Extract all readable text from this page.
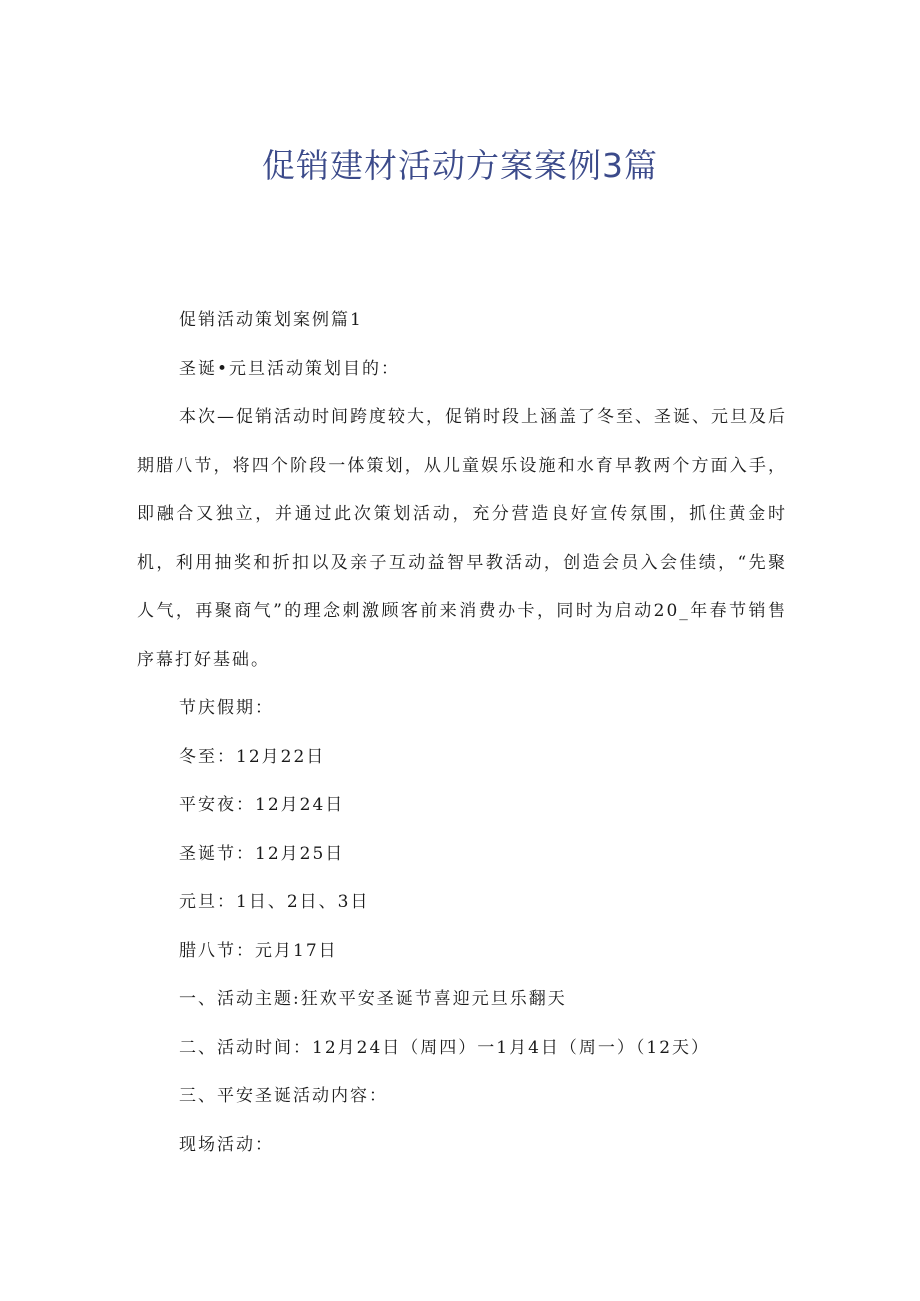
促销建材活动方案案例3篇
促销活动策划案例篇1
圣诞•元旦活动策划目的：

本次—促销活动时间跨度较大，促销时段上涵盖了冬至、圣诞、元旦及后期腊八节，将四个阶段一体策划，从儿童娱乐设施和水育早教两个方面入手，即融合又独立，并通过此次策划活动，充分营造良好宣传氛围，抓住黄金时机，利用抽奖和折扣以及亲子互动益智早教活动，创造会员入会佳绩，“先聚人气，再聚商气”的理念刺激顾客前来消费办卡，同时为启动20_年春节销售序幕打好基础。

节庆假期：
冬至：12月22日
平安夜：12月24日
圣诞节：12月25日
元旦：1日、2日、3日
腊八节：元月17日
一、活动主题:狂欢平安圣诞节喜迎元旦乐翻天
二、活动时间：12月24日（周四）一1月4日（周一）（12天）
三、平安圣诞活动内容：
现场活动：
